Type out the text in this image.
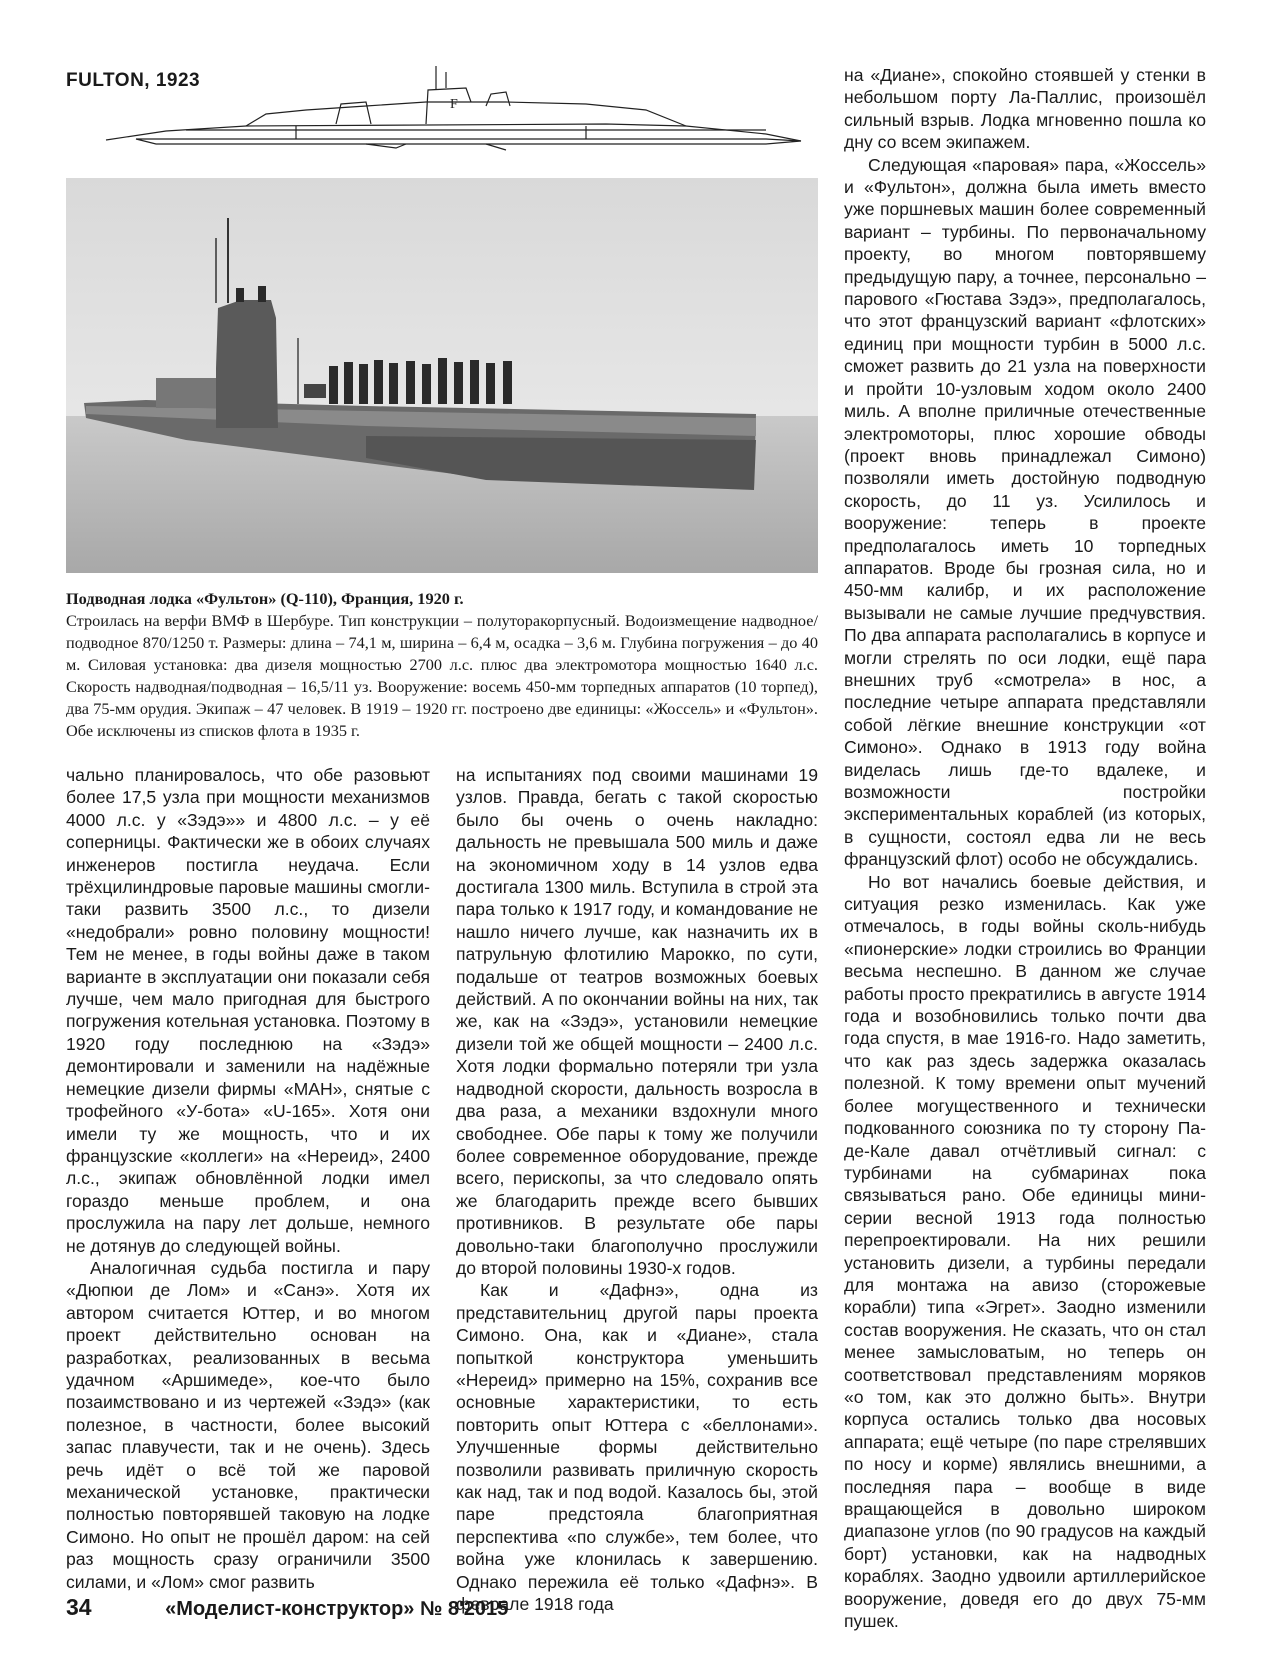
FULTON, 1923
F
Подводная лодка «Фультон» (Q-110), Франция, 1920 г.
Строилась на верфи ВМФ в Шербуре. Тип конструкции – полуторакорпусный. Водоизмещение надводное/подводное 870/1250 т. Размеры: длина – 74,1 м, ширина – 6,4 м, осадка – 3,6 м. Глубина погружения – до 40 м. Силовая установка: два дизеля мощностью 2700 л.с. плюс два электромотора мощностью 1640 л.с. Скорость надводная/подводная – 16,5/11 уз. Вооружение: восемь 450-мм торпедных аппаратов (10 торпед), два 75-мм орудия. Экипаж – 47 человек. В 1919 – 1920 гг. построено две единицы: «Жоссель» и «Фультон». Обе исключены из списков флота в 1935 г.

чально планировалось, что обе разовьют более 17,5 узла при мощности механизмов 4000 л.с. у «Зэдэ»» и 4800 л.с. – у её соперницы. Фактически же в обоих случаях инженеров постигла неудача. Если трёхцилиндровые паровые машины смогли-таки развить 3500 л.с., то дизели «недобрали» ровно половину мощности! Тем не менее, в годы войны даже в таком варианте в эксплуатации они показали себя лучше, чем мало пригодная для быстрого погружения котельная установка. Поэтому в 1920 году последнюю на «Зэдэ» демонтировали и заменили на надёжные немецкие дизели фирмы «МАН», снятые с трофейного «У-бота» «U-165». Хотя они имели ту же мощность, что и их французские «коллеги» на «Нереид», 2400 л.с., экипаж обновлённой лодки имел гораздо меньше проблем, и она прослужила на пару лет дольше, немного не дотянув до следующей войны.

Аналогичная судьба постигла и пару «Дюпюи де Лом» и «Санэ». Хотя их автором считается Юттер, и во многом проект действительно основан на разработках, реализованных в весьма удачном «Аршимеде», кое-что было позаимствовано и из чертежей «Зэдэ» (как полезное, в частности, более высокий запас плавучести, так и не очень). Здесь речь идёт о всё той же паровой механической установке, практически полностью повторявшей таковую на лодке Симоно. Но опыт не прошёл даром: на сей раз мощность сразу ограничили 3500 силами, и «Лом» смог развить

на испытаниях под своими машинами 19 узлов. Правда, бегать с такой скоростью было бы очень о очень накладно: дальность не превышала 500 миль и даже на экономичном ходу в 14 узлов едва достигала 1300 миль. Вступила в строй эта пара только к 1917 году, и командование не нашло ничего лучше, как назначить их в патрульную флотилию Марокко, по сути, подальше от театров возможных боевых действий. А по окончании войны на них, так же, как на «Зэдэ», установили немецкие дизели той же общей мощности – 2400 л.с. Хотя лодки формально потеряли три узла надводной скорости, дальность возросла в два раза, а механики вздохнули много свободнее. Обе пары к тому же получили более современное оборудование, прежде всего, перископы, за что следовало опять же благодарить прежде всего бывших противников. В результате обе пары довольно-таки благополучно прослужили до второй половины 1930-х годов.

Как и «Дафнэ», одна из представительниц другой пары проекта Симоно. Она, как и «Диане», стала попыткой конструктора уменьшить «Нереид» примерно на 15%, сохранив все основные характеристики, то есть повторить опыт Юттера с «беллонами». Улучшенные формы действительно позволили развивать приличную скорость как над, так и под водой. Казалось бы, этой паре предстояла благоприятная перспектива «по службе», тем более, что война уже клонилась к завершению. Однако пережила её только «Дафнэ». В феврале 1918 года

на «Диане», спокойно стоявшей у стенки в небольшом порту Ла-Паллис, произошёл сильный взрыв. Лодка мгновенно пошла ко дну со всем экипажем.

Следующая «паровая» пара, «Жоссель» и «Фультон», должна была иметь вместо уже поршневых машин более современный вариант – турбины. По первоначальному проекту, во многом повторявшему предыдущую пару, а точнее, персонально – парового «Гюстава Зэдэ», предполагалось, что этот французский вариант «флотских» единиц при мощности турбин в 5000 л.с. сможет развить до 21 узла на поверхности и пройти 10-узловым ходом около 2400 миль. А вполне приличные отечественные электромоторы, плюс хорошие обводы (проект вновь принадлежал Симоно) позволяли иметь достойную подводную скорость, до 11 уз. Усилилось и вооружение: теперь в проекте предполагалось иметь 10 торпедных аппаратов. Вроде бы грозная сила, но и 450-мм калибр, и их расположение вызывали не самые лучшие предчувствия. По два аппарата располагались в корпусе и могли стрелять по оси лодки, ещё пара внешних труб «смотрела» в нос, а последние четыре аппарата представляли собой лёгкие внешние конструкции «от Симоно». Однако в 1913 году война виделась лишь где-то вдалеке, и возможности постройки экспериментальных кораблей (из которых, в сущности, состоял едва ли не весь французский флот) особо не обсуждались.

Но вот начались боевые действия, и ситуация резко изменилась. Как уже отмечалось, в годы войны сколь-нибудь «пионерские» лодки строились во Франции весьма неспешно. В данном же случае работы просто прекратились в августе 1914 года и возобновились только почти два года спустя, в мае 1916-го. Надо заметить, что как раз здесь задержка оказалась полезной. К тому времени опыт мучений более могущественного и технически подкованного союзника по ту сторону Па-де-Кале давал отчётливый сигнал: с турбинами на субмаринах пока связываться рано. Обе единицы мини-серии весной 1913 года полностью перепроектировали. На них решили установить дизели, а турбины передали для монтажа на авизо (сторожевые корабли) типа «Эгрет». Заодно изменили состав вооружения. Не сказать, что он стал менее замысловатым, но теперь он соответствовал представлениям моряков «о том, как это должно быть». Внутри корпуса остались только два носовых аппарата; ещё четыре (по паре стрелявших по носу и корме) являлись внешними, а последняя пара – вообще в виде вращающейся в довольно широком диапазоне углов (по 90 градусов на каждый борт) установки, как на надводных кораблях. Заодно удвоили артиллерийское вооружение, доведя его до двух 75-мм пушек.

34	«Моделист-конструктор» № 8'2015
